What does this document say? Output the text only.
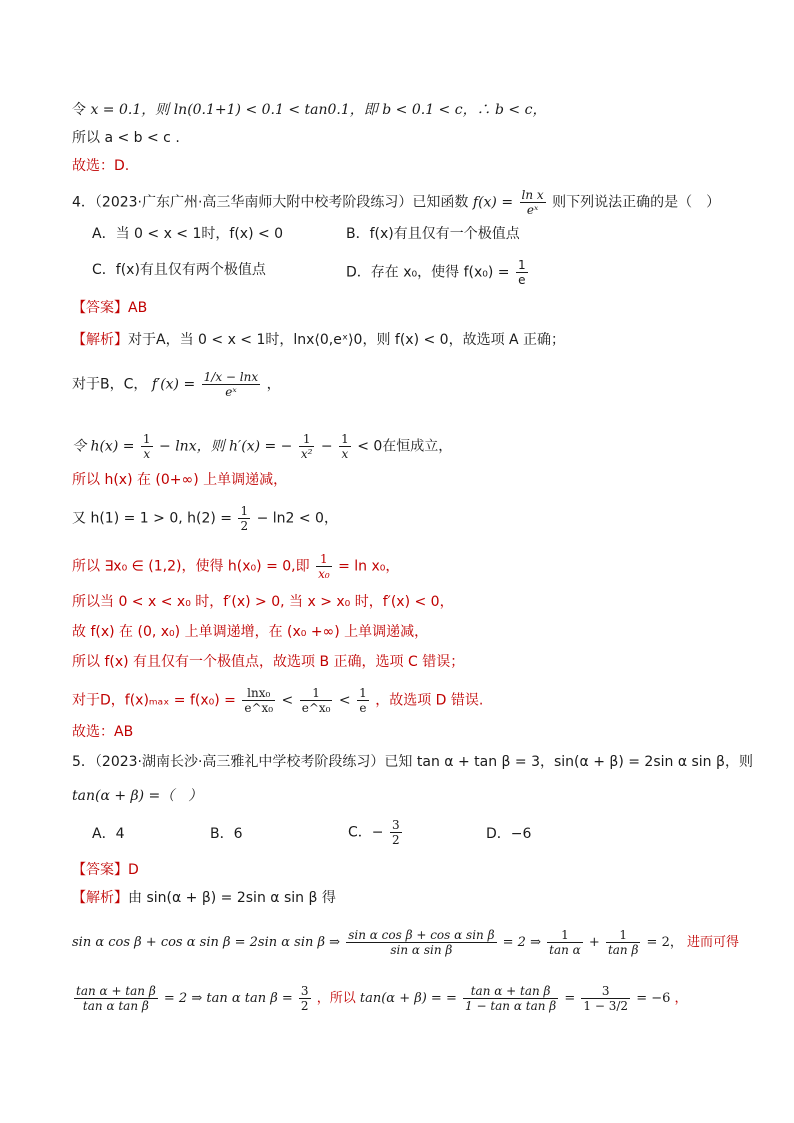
令 x = 0.1，则 ln(0.1+1) < 0.1 < tan0.1，即 b < 0.1 < c，∴ b < c，
所以 a < b < c .
故选：D.
4．（2023·广东广州·高三华南师大附中校考阶段练习）已知函数 $f(x) = \frac{\text{ln x}}{\text{eˣ}}$ 则下列说法正确的是（　）
A．当 0 < x < 1时，f(x) < 0	B．f(x)有且仅有一个极值点
C．f(x)有且仅有两个极值点	D．存在 x₀，使得 $f(x_0) = \frac{1}{e}$
【答案】AB
【解析】对于A，当 0 < x < 1时，lnx⟨0,eˣ⟩0，则 f(x) < 0，故选项 A 正确；
对于B，C， $f'(x) = \frac{1/x - \ln x}{\text{eˣ}}$ ，
令 $h(x) = \frac{1}{x} - \ln x$，则 h′(x) = − $\frac{1}{\text{x²}} - \frac{1}{x} < 0$在恒成立，
所以 h(x) 在 (0+∞) 上单调递减，
又 h(1) = 1 > 0, $h(2) = \frac{1}{2} - \ln 2 < 0$，
所以 ∃x₀ ∈ (1,2)，使得 h(x₀) = 0,即 $\frac{1}{\text{x₀}} = \ln x_0$，
所以当 0 < x < x₀ 时，f′(x) > 0, 当 x > x₀ 时，f′(x) < 0，
故 f(x) 在 (0, x₀) 上单调递增，在 (x₀ +∞) 上单调递减，
所以 f(x) 有且仅有一个极值点，故选项 B 正确，选项 C 错误；
对于D，$f(x)_{max} = f(x_0) = \frac{\text{lnx₀}}{\text{e\textasciicircum{}x₀}} < \frac{1}{\text{e\textasciicircum{}x₀}} < \frac{1}{e}$ ，故选项 D 错误.
故选：AB
5．（2023·湖南长沙·高三雅礼中学校考阶段练习）已知 tan α + tan β = 3，sin(α + β) = 2sin α sin β，则
tan(α + β) =（　）
A．4	B．6	C．− $\frac{3}{2}$	D．−6
【答案】D
【解析】由 sin(α + β) = 2sin α sin β 得
sin α cos β + cos α sin β = 2sin α sin β ⇒ $\frac{\text{sin α cos β + cos α sin β}}{\text{sin α sin β}} = 2$ ⇒ $\frac{1}{\text{tan α}} + \frac{1}{\text{tan β}} = 2$， 进而可得
$\frac{\text{tan α + tan β}}{\text{tan α tan β}} = 2$ ⇒ tan α $\tan \beta = \frac{3}{2}$ ，所以 tan(α + β) = = $\frac{\text{tan α + tan β}}{\text{1 − tan α tan β}} = \frac{3}{1 - 3/2} = -6$ ，
